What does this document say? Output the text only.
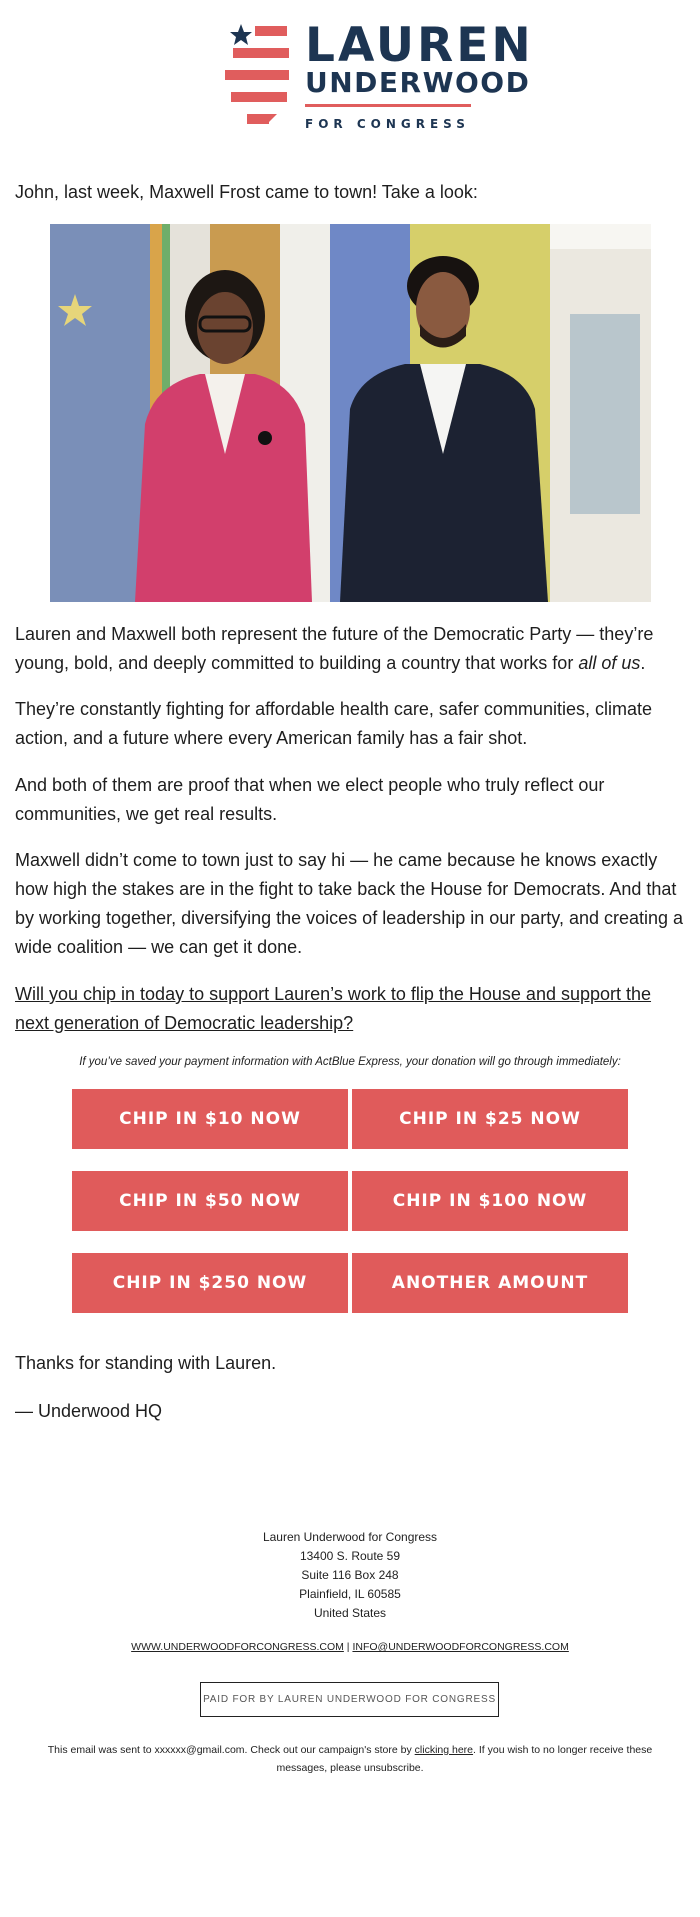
LAUREN
UNDERWOOD
FOR CONGRESS

John, last week, Maxwell Frost came to town! Take a look:

Lauren and Maxwell both represent the future of the Democratic Party — they’re young, bold, and deeply committed to building a country that works for all of us.

They’re constantly fighting for affordable health care, safer communities, climate action, and a future where every American family has a fair shot.

And both of them are proof that when we elect people who truly reflect our communities, we get real results.

Maxwell didn’t come to town just to say hi — he came because he knows exactly how high the stakes are in the fight to take back the House for Democrats. And that by working together, diversifying the voices of leadership in our party, and creating a wide coalition — we can get it done.

Will you chip in today to support Lauren’s work to flip the House and support the next generation of Democratic leadership?

If you’ve saved your payment information with ActBlue Express, your donation will go through immediately:
CHIP IN $10 NOW	CHIP IN $25 NOW
CHIP IN $50 NOW	CHIP IN $100 NOW
CHIP IN $250 NOW	ANOTHER AMOUNT

Thanks for standing with Lauren.

— Underwood HQ

Lauren Underwood for Congress
13400 S. Route 59
Suite 116 Box 248
Plainfield, IL 60585
United States
WWW.UNDERWOODFORCONGRESS.COM | INFO@UNDERWOODFORCONGRESS.COM
PAID FOR BY LAUREN UNDERWOOD FOR CONGRESS
This email was sent to xxxxxx@gmail.com. Check out our campaign's store by clicking here. If you wish to no longer receive these messages, please unsubscribe.
